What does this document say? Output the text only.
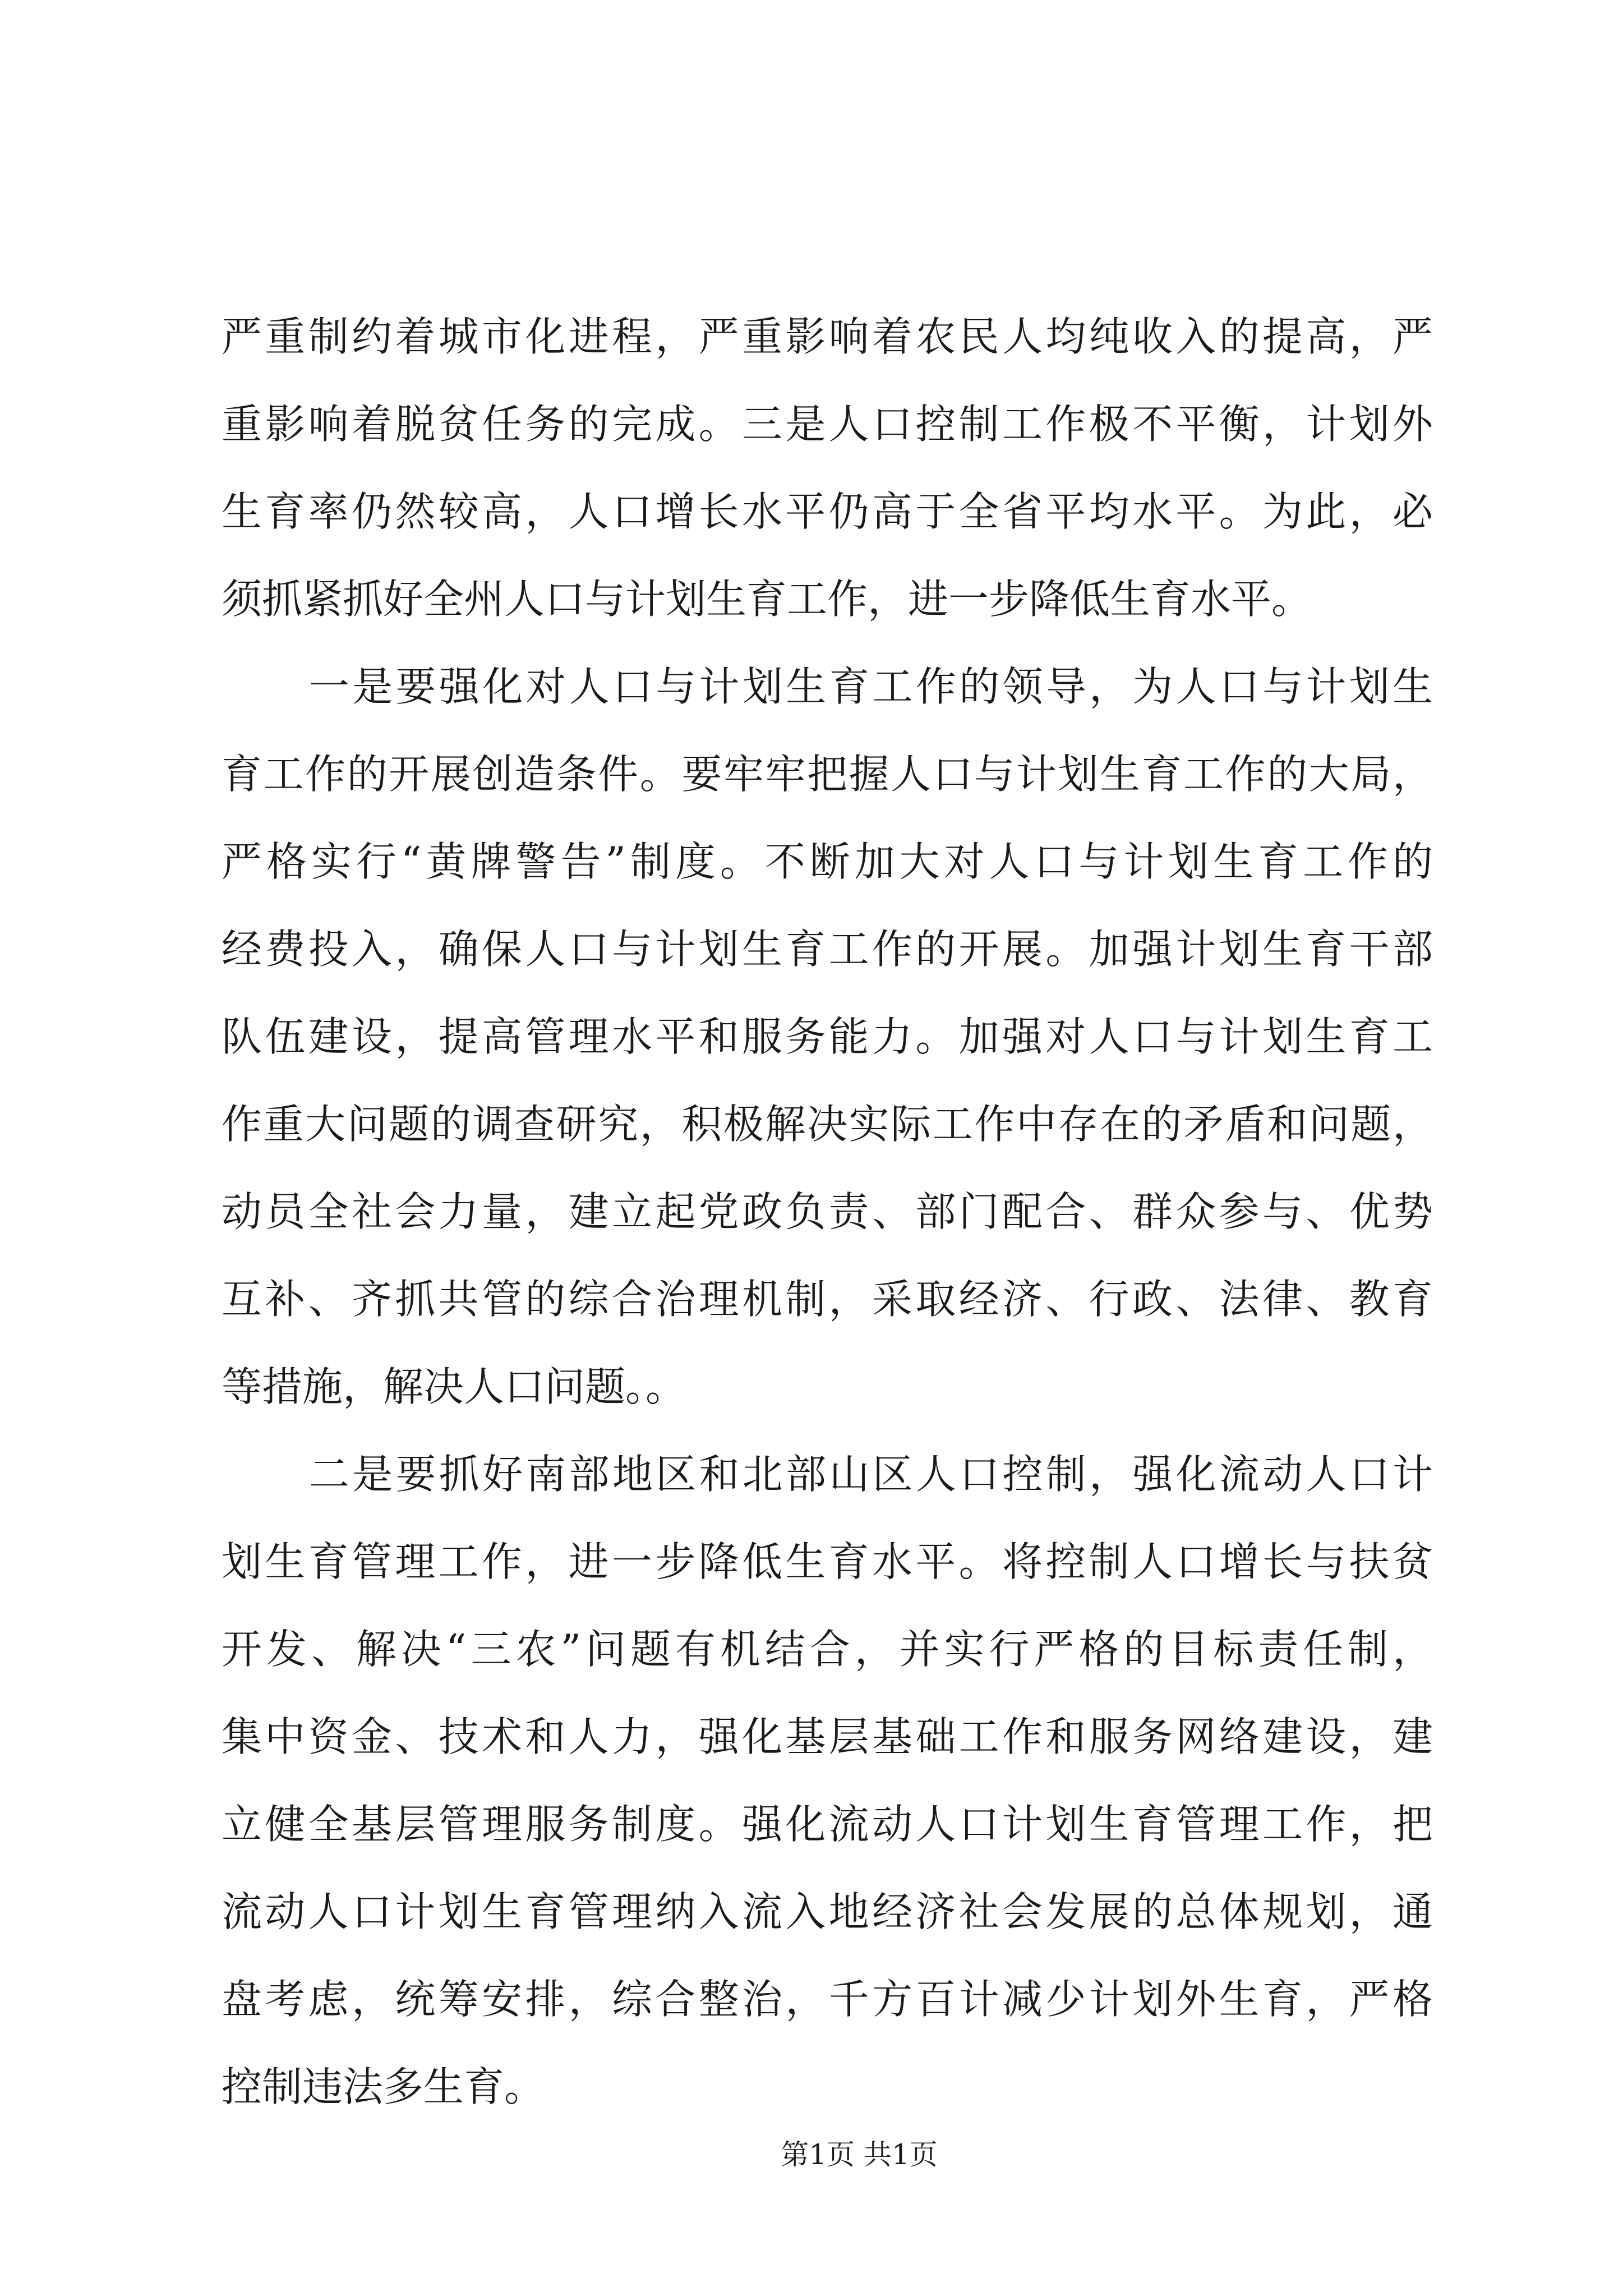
严重制约着城市化进程，严重影响着农民人均纯收入的提高，严
重影响着脱贫任务的完成。三是人口控制工作极不平衡，计划外
生育率仍然较高，人口增长水平仍高于全省平均水平。为此，必
须抓紧抓好全州人口与计划生育工作，进一步降低生育水平。
一是要强化对人口与计划生育工作的领导，为人口与计划生
育工作的开展创造条件。要牢牢把握人口与计划生育工作的大局，
严格实行“黄牌警告”制度。不断加大对人口与计划生育工作的
经费投入，确保人口与计划生育工作的开展。加强计划生育干部
队伍建设，提高管理水平和服务能力。加强对人口与计划生育工
作重大问题的调查研究，积极解决实际工作中存在的矛盾和问题，
动员全社会力量，建立起党政负责、部门配合、群众参与、优势
互补、齐抓共管的综合治理机制，采取经济、行政、法律、教育
等措施，解决人口问题。。
二是要抓好南部地区和北部山区人口控制，强化流动人口计
划生育管理工作，进一步降低生育水平。将控制人口增长与扶贫
开发、解决“三农”问题有机结合，并实行严格的目标责任制，
集中资金、技术和人力，强化基层基础工作和服务网络建设，建
立健全基层管理服务制度。强化流动人口计划生育管理工作，把
流动人口计划生育管理纳入流入地经济社会发展的总体规划，通
盘考虑，统筹安排，综合整治，千方百计减少计划外生育，严格
控制违法多生育。
第1页 共1页
